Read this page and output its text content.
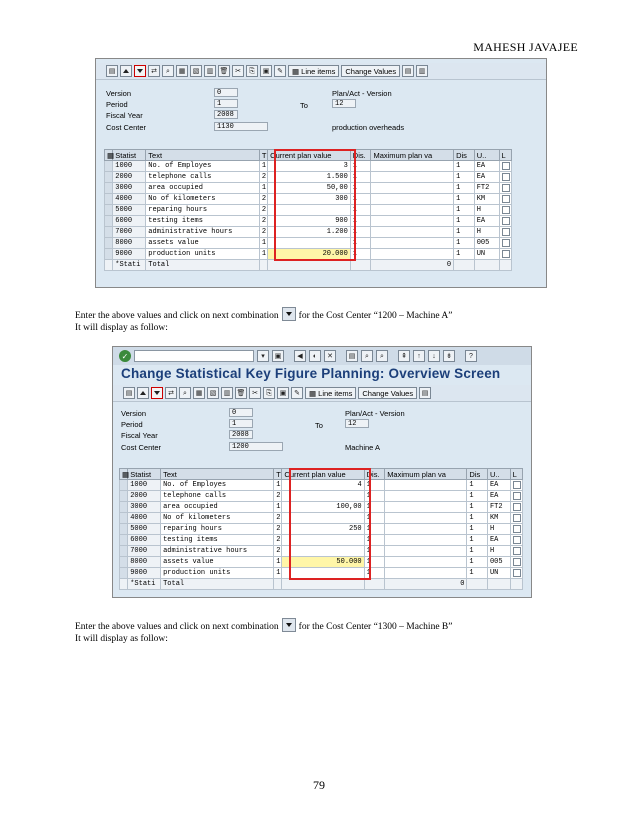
MAHESH JAVAJEE
▤	⇄	⌕	▦	▧	▥ 🗑 ✂	⎘	▣	✎	▦ Line items	Change Values	▤	▥
Version	0	Plan/Act - Version
Period	1	To	12
Fiscal Year	2008
Cost Center	1130	production overheads
▦	Statist	Text	T	Current plan value	Dis.	Maximum plan va	Dis	U..	L
	1000	No. of Employes	1	3	1		1	EA	
	2000	telephone calls	2	1.500	1		1	EA	
	3000	area occupied	1	50,00	1		1	FT2	
	4000	No of kilometers	2	300	1		1	KM	
	5000	reparing hours	2		1		1	H	
	6000	testing items	2	900	1		1	EA	
	7000	administrative hours	2	1.200	1		1	H	
	8000	assets value	1		1		1	005	
	9000	production units	1	20.000	1		1	UN	
	*Stati	Total				0			
Enter the above values and click on next combination for the Cost Center “1200 – Machine A”
It will display as follow:
✓	▾	▣	◀	◐	✕	▤	⌕	⌕	⇞	↑	↓	⇟	?
Change Statistical Key Figure Planning: Overview Screen
▤	⇄	⌕	▦	▧	▥ 🗑 ✂	⎘	▣	✎	▦ Line items	Change Values	▤
Version	0	Plan/Act - Version
Period	1	To	12
Fiscal Year	2008
Cost Center	1200	Machine A
▦	Statist	Text	T	Current plan value	Dis.	Maximum plan va	Dis	U..	L
	1000	No. of Employes	1	4	1		1	EA	
	2000	telephone calls	2		1		1	EA	
	3000	area occupied	1	100,00	1		1	FT2	
	4000	No of kilometers	2		1		1	KM	
	5000	reparing hours	2	250	1		1	H	
	6000	testing items	2		1		1	EA	
	7000	administrative hours	2		1		1	H	
	8000	assets value	1	50.000	1		1	005	
	9000	production units	1		1		1	UN	
	*Stati	Total				0			
Enter the above values and click on next combination for the Cost Center “1300 – Machine B”
It will display as follow:
79
